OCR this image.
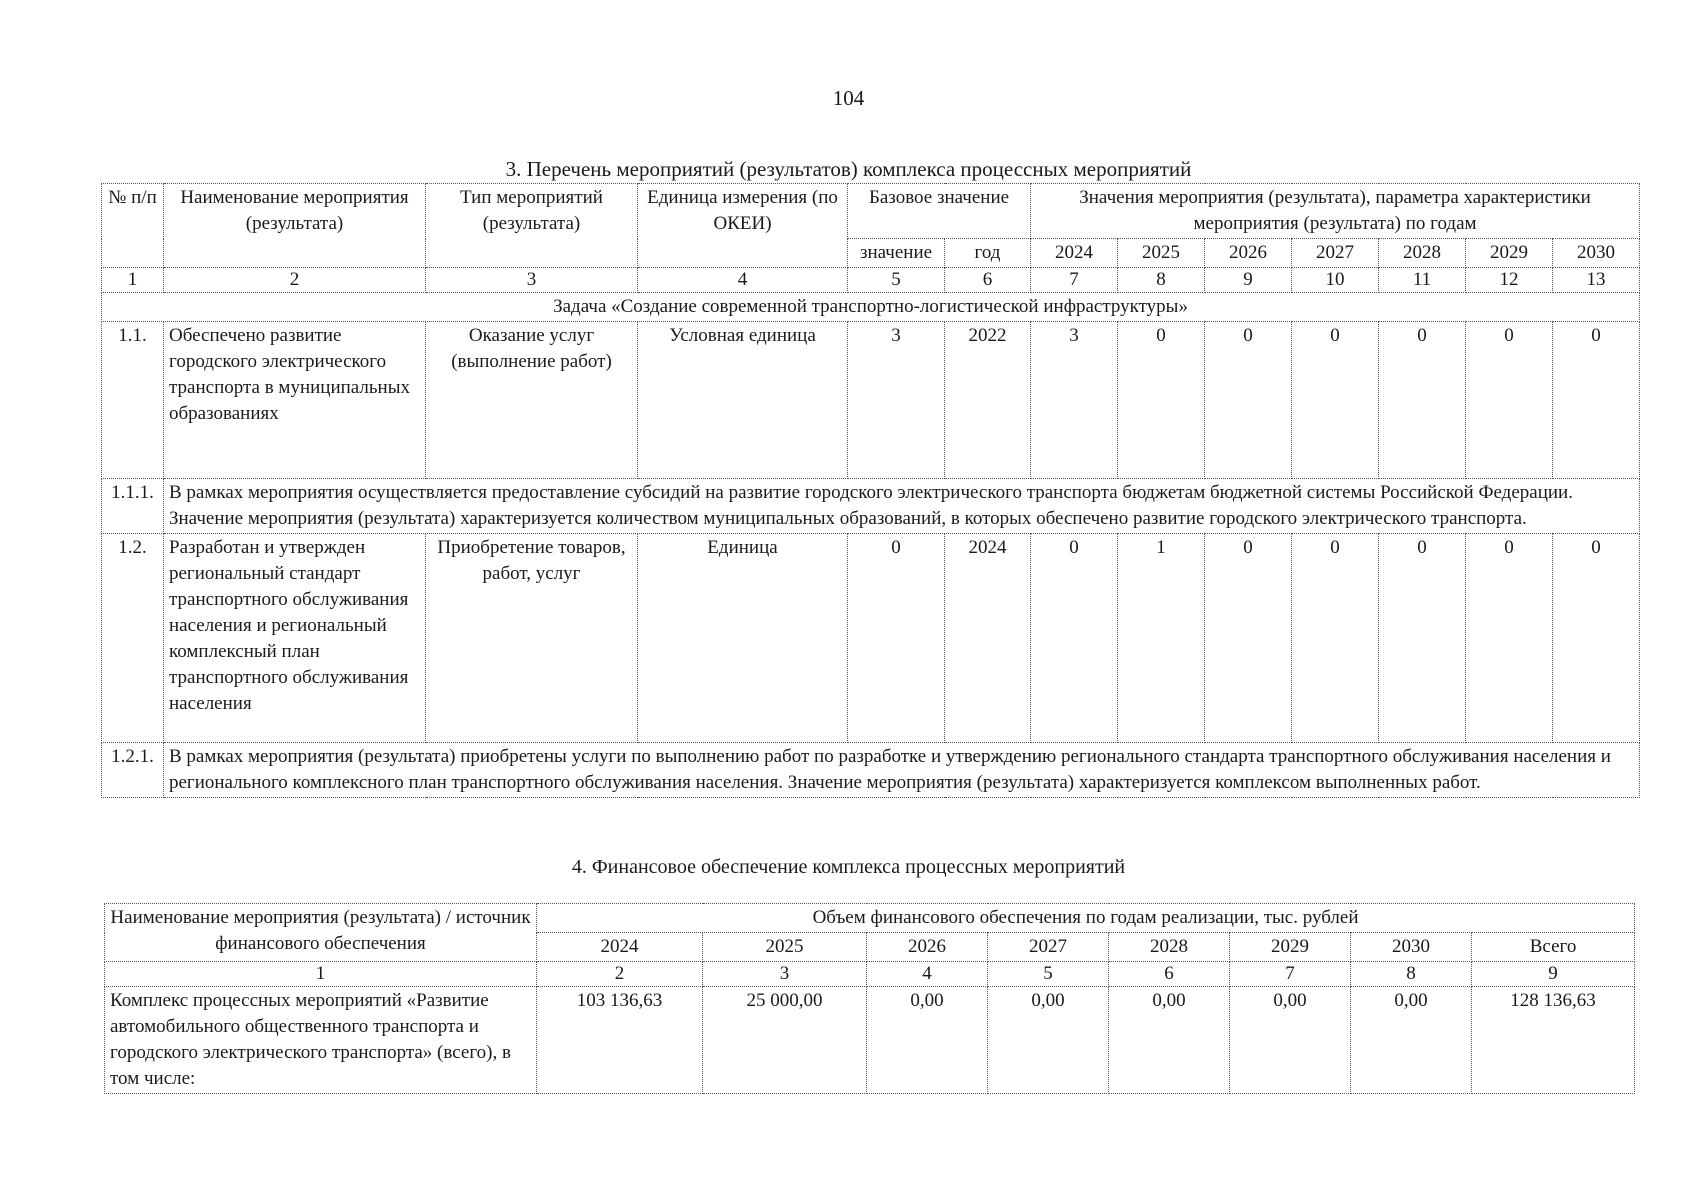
104
3. Перечень мероприятий (результатов) комплекса процессных мероприятий
№ п/п	Наименование мероприятия (результата)	Тип мероприятий (результата)	Единица измерения (по ОКЕИ)	Базовое значение		Значения мероприятия (результата), параметра характеристики мероприятия (результата) по годам						
				значение	год	2024	2025	2026	2027	2028	2029	2030
1	2	3	4	5	6	7	8	9	10	11	12	13
Задача «Создание современной транспортно-логистической инфраструктуры»												
1.1.	Обеспечено развитие городского электрического транспорта в муниципальных образованиях	Оказание услуг (выполнение работ)	Условная единица	3	2022	3	0	0	0	0	0	0
1.1.1.	В рамках мероприятия осуществляется предоставление субсидий на развитие городского электрического транспорта бюджетам бюджетной системы Российской Федерации. Значение мероприятия (результата) характеризуется количеством муниципальных образований, в которых обеспечено развитие городского электрического транспорта.											
1.2.	Разработан и утвержден региональный стандарт транспортного обслуживания населения и региональный комплексный план транспортного обслуживания населения	Приобретение товаров, работ, услуг	Единица	0	2024	0	1	0	0	0	0	0
1.2.1.	В рамках мероприятия (результата) приобретены услуги по выполнению работ по разработке и утверждению регионального стандарта транспортного обслуживания населения и регионального комплексного план транспортного обслуживания населения. Значение мероприятия (результата) характеризуется комплексом выполненных работ.											
4. Финансовое обеспечение комплекса процессных мероприятий
Наименование мероприятия (результата) / источник финансового обеспечения	Объем финансового обеспечения по годам реализации, тыс. рублей							
	2024	2025	2026	2027	2028	2029	2030	Всего
1	2	3	4	5	6	7	8	9
Комплекс процессных мероприятий «Развитие автомобильного общественного транспорта и городского электрического транспорта» (всего), в том числе:	103 136,63	25 000,00	0,00	0,00	0,00	0,00	0,00	128 136,63
